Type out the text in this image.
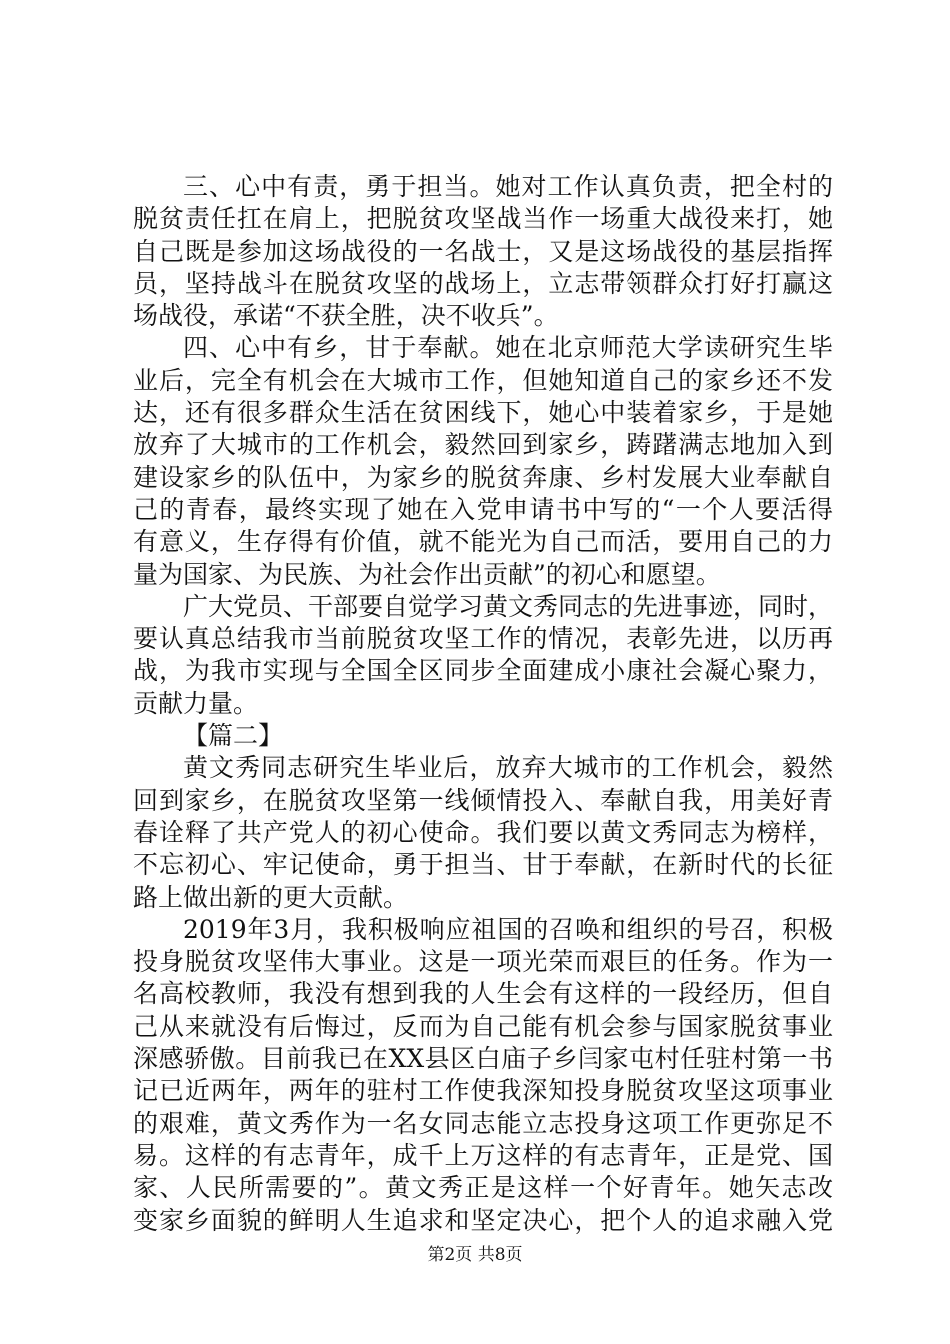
三、心中有责，勇于担当。她对工作认真负责，把全村的
脱贫责任扛在肩上，把脱贫攻坚战当作一场重大战役来打，她
自己既是参加这场战役的一名战士，又是这场战役的基层指挥
员，坚持战斗在脱贫攻坚的战场上，立志带领群众打好打赢这
场战役，承诺“不获全胜，决不收兵”。
四、心中有乡，甘于奉献。她在北京师范大学读研究生毕
业后，完全有机会在大城市工作，但她知道自己的家乡还不发
达，还有很多群众生活在贫困线下，她心中装着家乡，于是她
放弃了大城市的工作机会，毅然回到家乡，踌躇满志地加入到
建设家乡的队伍中，为家乡的脱贫奔康、乡村发展大业奉献自
己的青春，最终实现了她在入党申请书中写的“一个人要活得
有意义，生存得有价值，就不能光为自己而活，要用自己的力
量为国家、为民族、为社会作出贡献”的初心和愿望。
广大党员、干部要自觉学习黄文秀同志的先进事迹，同时，
要认真总结我市当前脱贫攻坚工作的情况，表彰先进，以历再
战，为我市实现与全国全区同步全面建成小康社会凝心聚力，
贡献力量。
【篇二】
黄文秀同志研究生毕业后，放弃大城市的工作机会，毅然
回到家乡，在脱贫攻坚第一线倾情投入、奉献自我，用美好青
春诠释了共产党人的初心使命。我们要以黄文秀同志为榜样，
不忘初心、牢记使命，勇于担当、甘于奉献，在新时代的长征
路上做出新的更大贡献。
2019年3月，我积极响应祖国的召唤和组织的号召，积极
投身脱贫攻坚伟大事业。这是一项光荣而艰巨的任务。作为一
名高校教师，我没有想到我的人生会有这样的一段经历，但自
己从来就没有后悔过，反而为自己能有机会参与国家脱贫事业
深感骄傲。目前我已在XX县区白庙子乡闫家屯村任驻村第一书
记已近两年，两年的驻村工作使我深知投身脱贫攻坚这项事业
的艰难，黄文秀作为一名女同志能立志投身这项工作更弥足不
易。这样的有志青年，成千上万这样的有志青年，正是党、国
家、人民所需要的”。黄文秀正是这样一个好青年。她矢志改
变家乡面貌的鲜明人生追求和坚定决心，把个人的追求融入党
第2页 共8页
